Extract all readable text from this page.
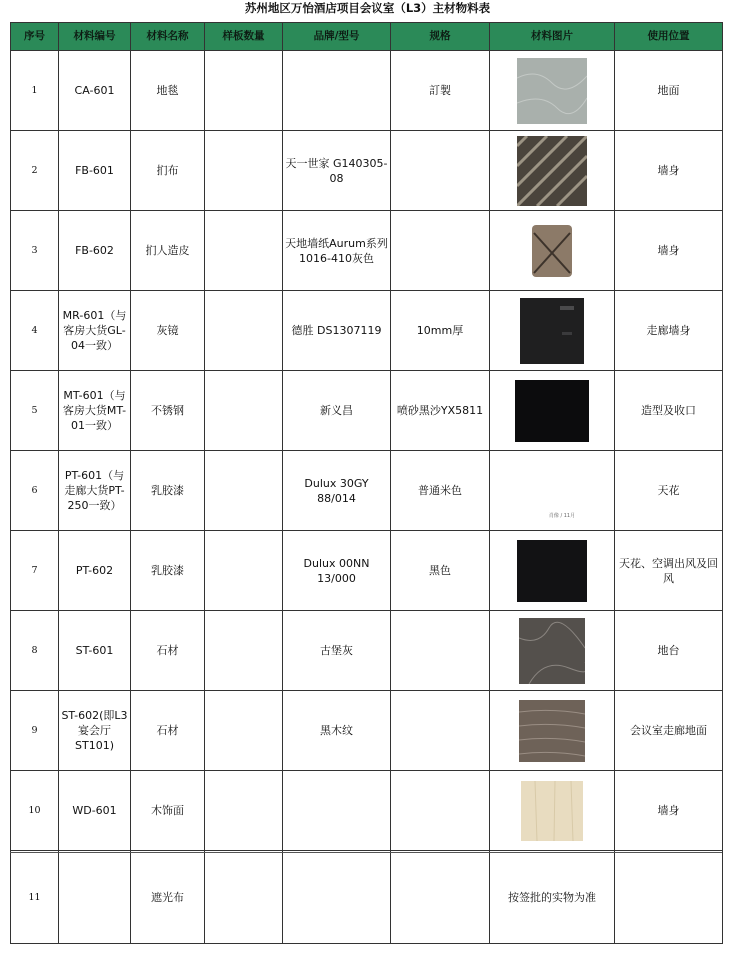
苏州地区万怡酒店项目会议室（L3）主材物料表
序号	材料编号	材料名称	样板数量	品牌/型号	规格	材料图片	使用位置
1	CA-601	地毯			訂製		地面
2	FB-601	扪布		天一世家 G140305-08			墙身
3	FB-602	扪人造皮		天地墙纸Aurum系列1016-410灰色			墙身
4	MR-601（与客房大货GL-04一致）	灰镜		德胜 DS1307119	10mm厚		走廊墙身
5	MT-601（与客房大货MT-01一致）	不锈钢		新义昌	喷砂黑沙YX5811		造型及收口
6	PT-601（与走廊大货PT-250一致）	乳胶漆		Dulux 30GY 88/014	普通米色	$_{肖像 / 11月}$	天花
7	PT-602	乳胶漆		Dulux 00NN 13/000	黑色		天花、空调出风及回风
8	ST-601	石材		古堡灰			地台
9	ST-602(即L3宴会厅ST101)	石材		黑木纹			会议室走廊地面
10	WD-601	木饰面					墙身
11		遮光布				按签批的实物为准	
